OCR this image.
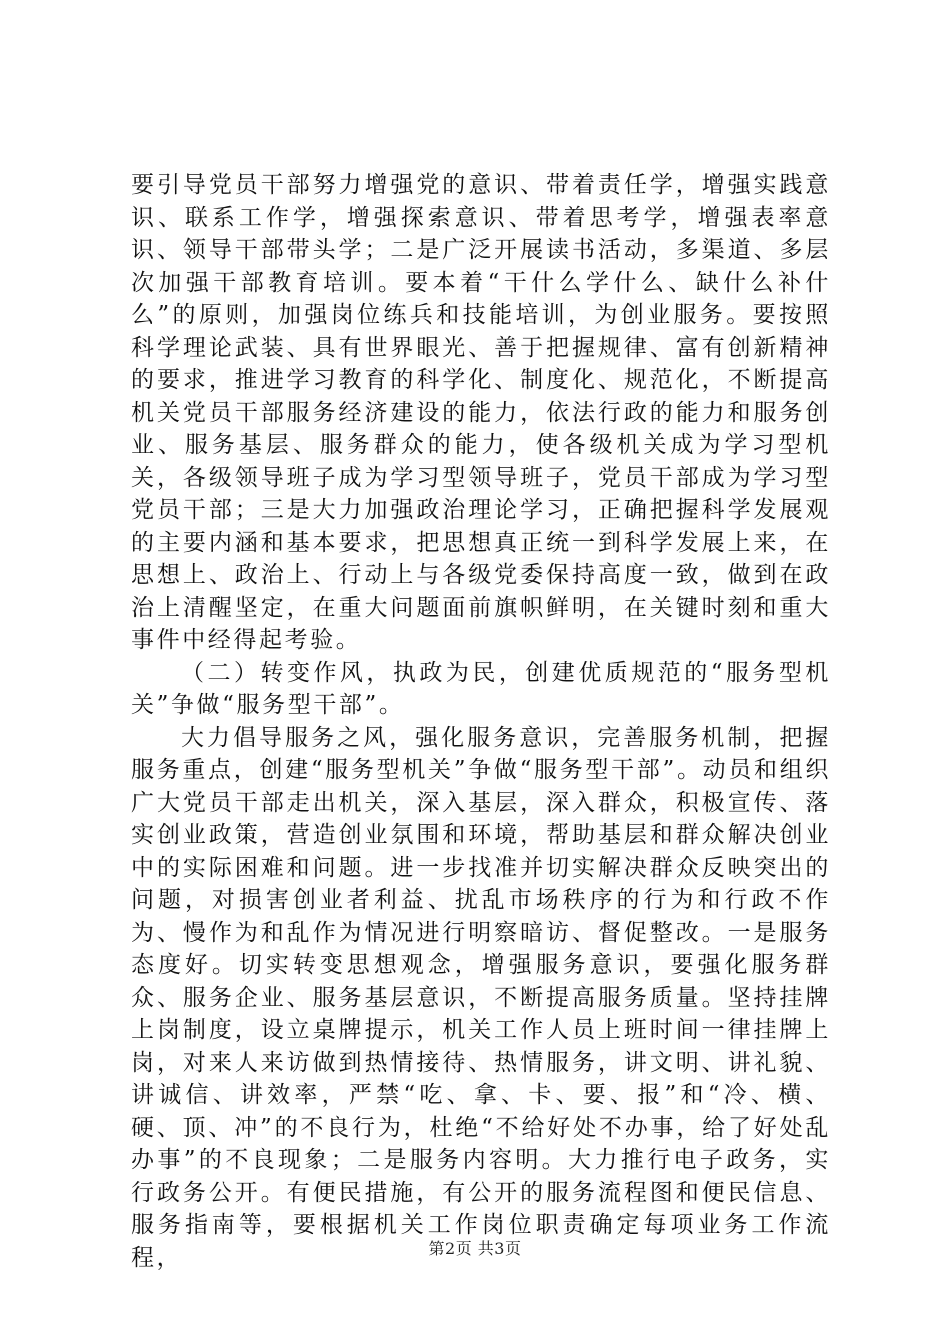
要引导党员干部努力增强党的意识、带着责任学，增强实践意识、联系工作学，增强探索意识、带着思考学，增强表率意识、领导干部带头学；二是广泛开展读书活动，多渠道、多层次加强干部教育培训。要本着“干什么学什么、缺什么补什么”的原则，加强岗位练兵和技能培训，为创业服务。要按照科学理论武装、具有世界眼光、善于把握规律、富有创新精神的要求，推进学习教育的科学化、制度化、规范化，不断提高机关党员干部服务经济建设的能力，依法行政的能力和服务创业、服务基层、服务群众的能力，使各级机关成为学习型机关，各级领导班子成为学习型领导班子，党员干部成为学习型党员干部；三是大力加强政治理论学习，正确把握科学发展观的主要内涵和基本要求，把思想真正统一到科学发展上来，在思想上、政治上、行动上与各级党委保持高度一致，做到在政治上清醒坚定，在重大问题面前旗帜鲜明，在关键时刻和重大事件中经得起考验。

（二）转变作风，执政为民，创建优质规范的“服务型机关”争做“服务型干部”。

大力倡导服务之风，强化服务意识，完善服务机制，把握服务重点，创建“服务型机关”争做“服务型干部”。动员和组织广大党员干部走出机关，深入基层，深入群众，积极宣传、落实创业政策，营造创业氛围和环境，帮助基层和群众解决创业中的实际困难和问题。进一步找准并切实解决群众反映突出的问题，对损害创业者利益、扰乱市场秩序的行为和行政不作为、慢作为和乱作为情况进行明察暗访、督促整改。一是服务态度好。切实转变思想观念，增强服务意识，要强化服务群众、服务企业、服务基层意识，不断提高服务质量。坚持挂牌上岗制度，设立桌牌提示，机关工作人员上班时间一律挂牌上岗，对来人来访做到热情接待、热情服务，讲文明、讲礼貌、讲诚信、讲效率，严禁“吃、拿、卡、要、报”和“冷、横、硬、顶、冲”的不良行为，杜绝“不给好处不办事，给了好处乱办事”的不良现象；二是服务内容明。大力推行电子政务，实行政务公开。有便民措施，有公开的服务流程图和便民信息、服务指南等，要根据机关工作岗位职责确定每项业务工作流程，	第2页 共3页
